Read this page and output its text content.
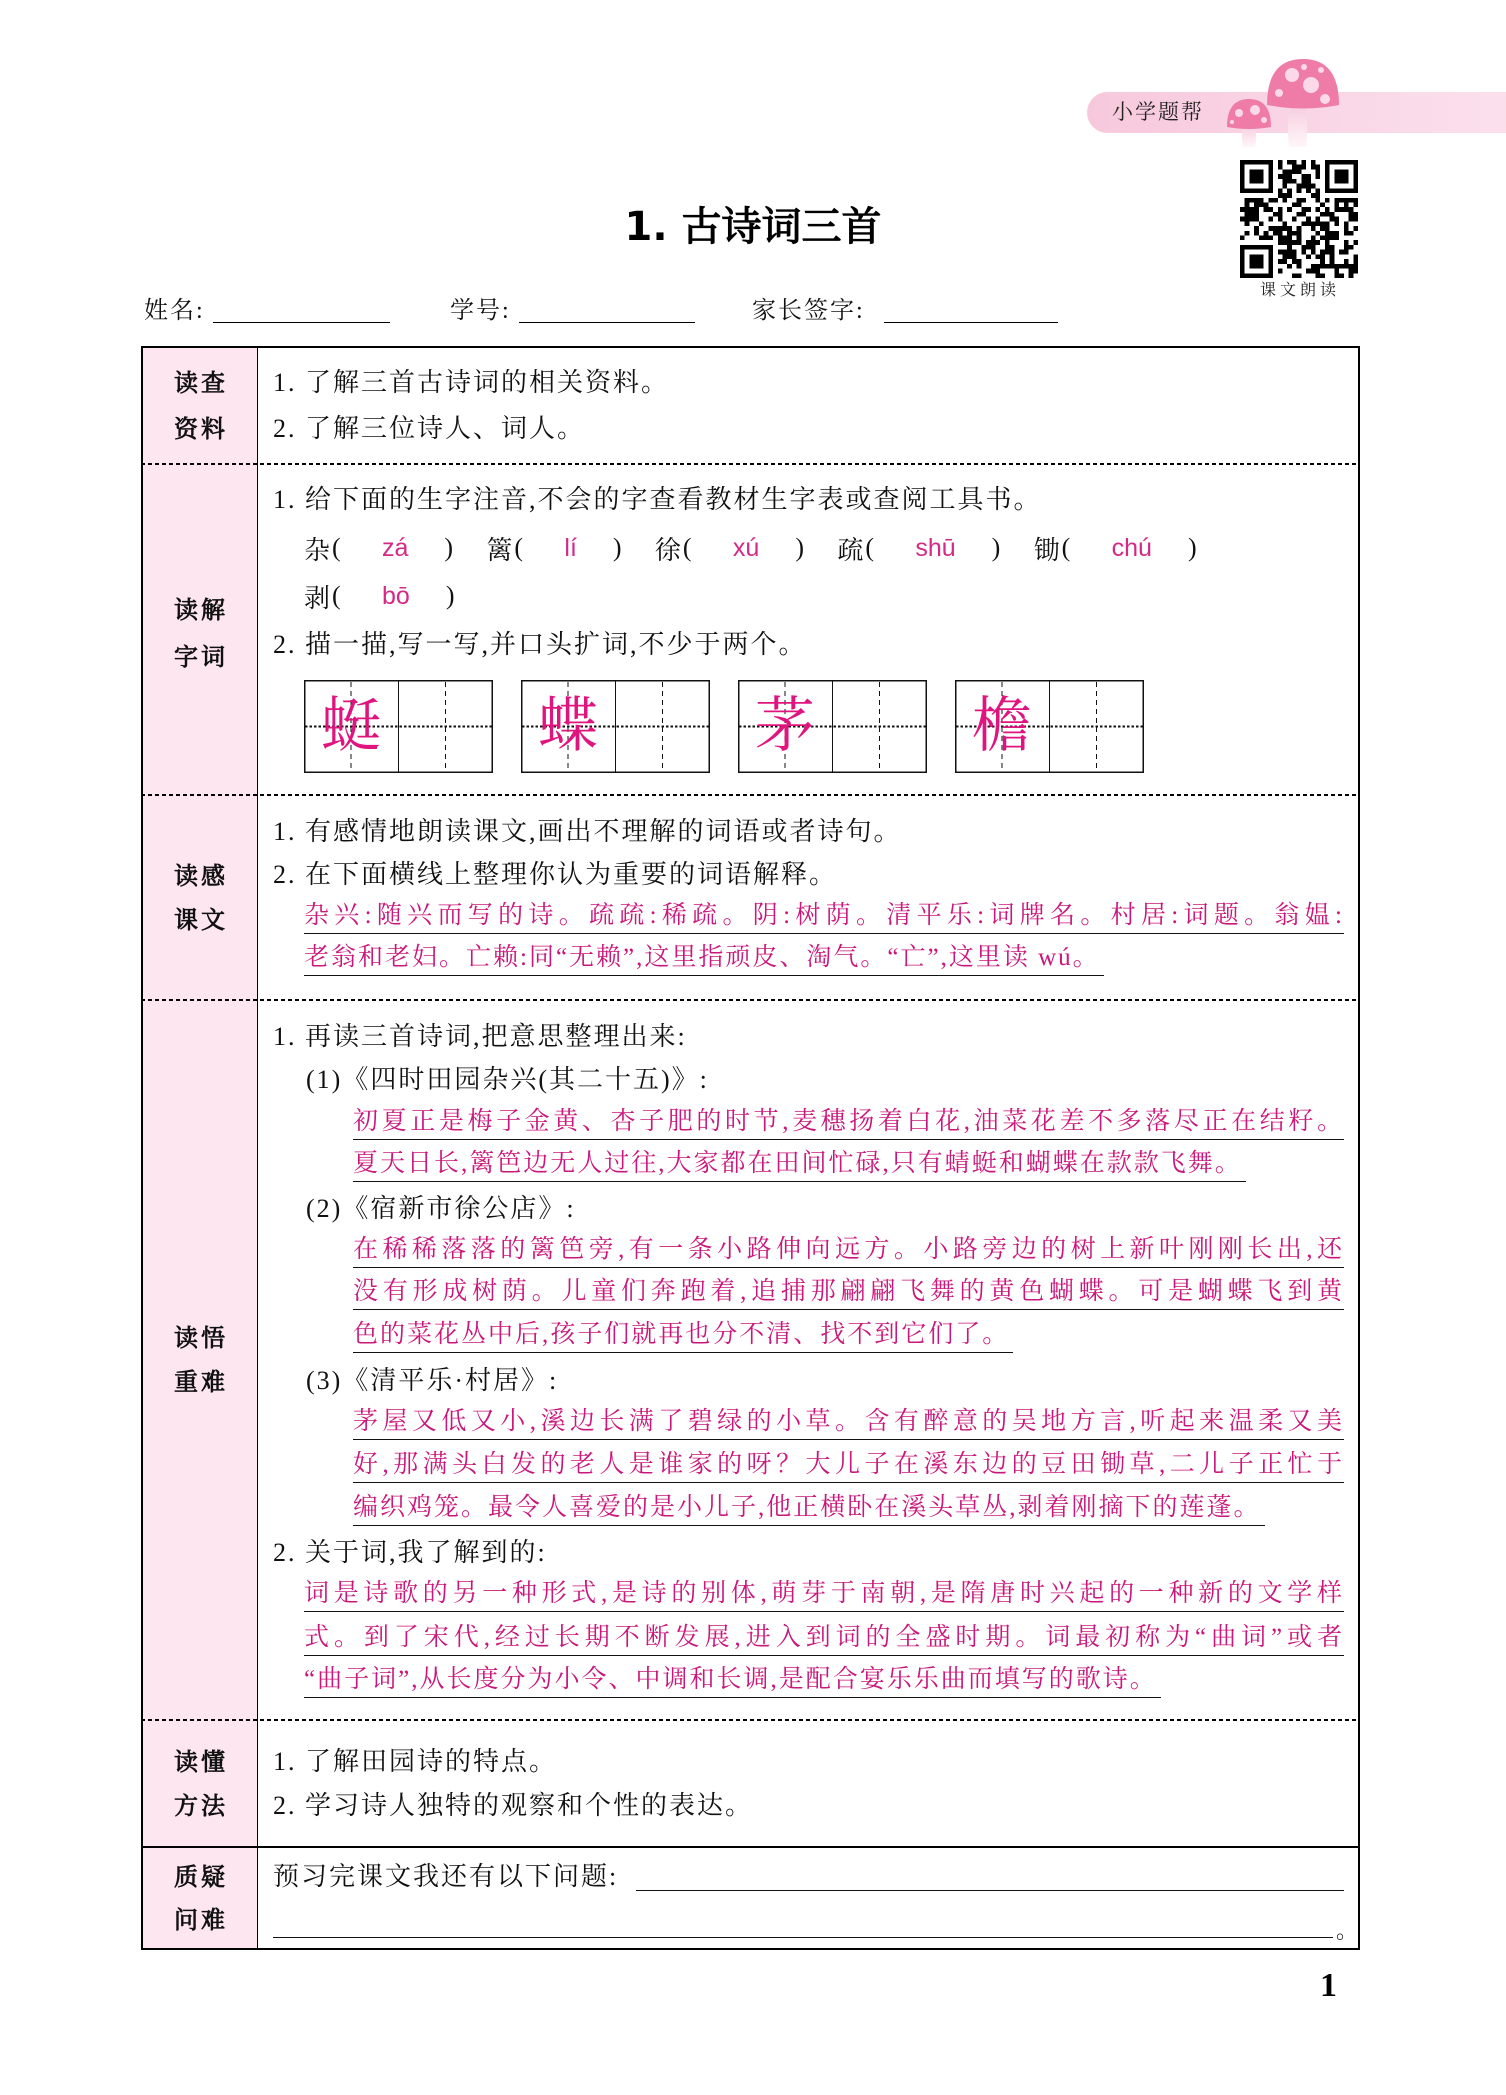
小学题帮
课文朗读
1. 古诗词三首
姓名:	学号:	家长签字:
读查
资料
1. 了解三首古诗词的相关资料。
2. 了解三位诗人、词人。
读解
字词
1. 给下面的生字注音,不会的字查看教材生字表或查阅工具书。
杂 (	zá	) 篱 (	lí	) 徐 (	xú	) 疏 (	shū	) 锄 (	chú	)
剥 (	bō	)
2. 描一描,写一写,并口头扩词,不少于两个。
蜓	蝶	茅	檐
读感
课文
1. 有感情地朗读课文,画出不理解的词语或者诗句。
2. 在下面横线上整理你认为重要的词语解释。
杂兴:随兴而写的诗。疏疏:稀疏。阴:树荫。清平乐:词牌名。村居:词题。翁媪:
老翁和老妇。亡赖:同“无赖”,这里指顽皮、淘气。“亡”,这里读 wú。
读悟
重难
1. 再读三首诗词,把意思整理出来:
(1)《四时田园杂兴(其二十五)》:
初夏正是梅子金黄、杏子肥的时节,麦穗扬着白花,油菜花差不多落尽正在结籽。
夏天日长,篱笆边无人过往,大家都在田间忙碌,只有蜻蜓和蝴蝶在款款飞舞。
(2)《宿新市徐公店》:
在稀稀落落的篱笆旁,有一条小路伸向远方。小路旁边的树上新叶刚刚长出,还
没有形成树荫。儿童们奔跑着,追捕那翩翩飞舞的黄色蝴蝶。可是蝴蝶飞到黄
色的菜花丛中后,孩子们就再也分不清、找不到它们了。
(3)《清平乐·村居》:
茅屋又低又小,溪边长满了碧绿的小草。含有醉意的吴地方言,听起来温柔又美
好,那满头白发的老人是谁家的呀？大儿子在溪东边的豆田锄草,二儿子正忙于
编织鸡笼。最令人喜爱的是小儿子,他正横卧在溪头草丛,剥着刚摘下的莲蓬。
2. 关于词,我了解到的:
词是诗歌的另一种形式,是诗的别体,萌芽于南朝,是隋唐时兴起的一种新的文学样
式。到了宋代,经过长期不断发展,进入到词的全盛时期。词最初称为“曲词”或者
“曲子词”,从长度分为小令、中调和长调,是配合宴乐乐曲而填写的歌诗。
读懂
方法
1. 了解田园诗的特点。
2. 学习诗人独特的观察和个性的表达。
质疑
问难
预习完课文我还有以下问题:
。
1
